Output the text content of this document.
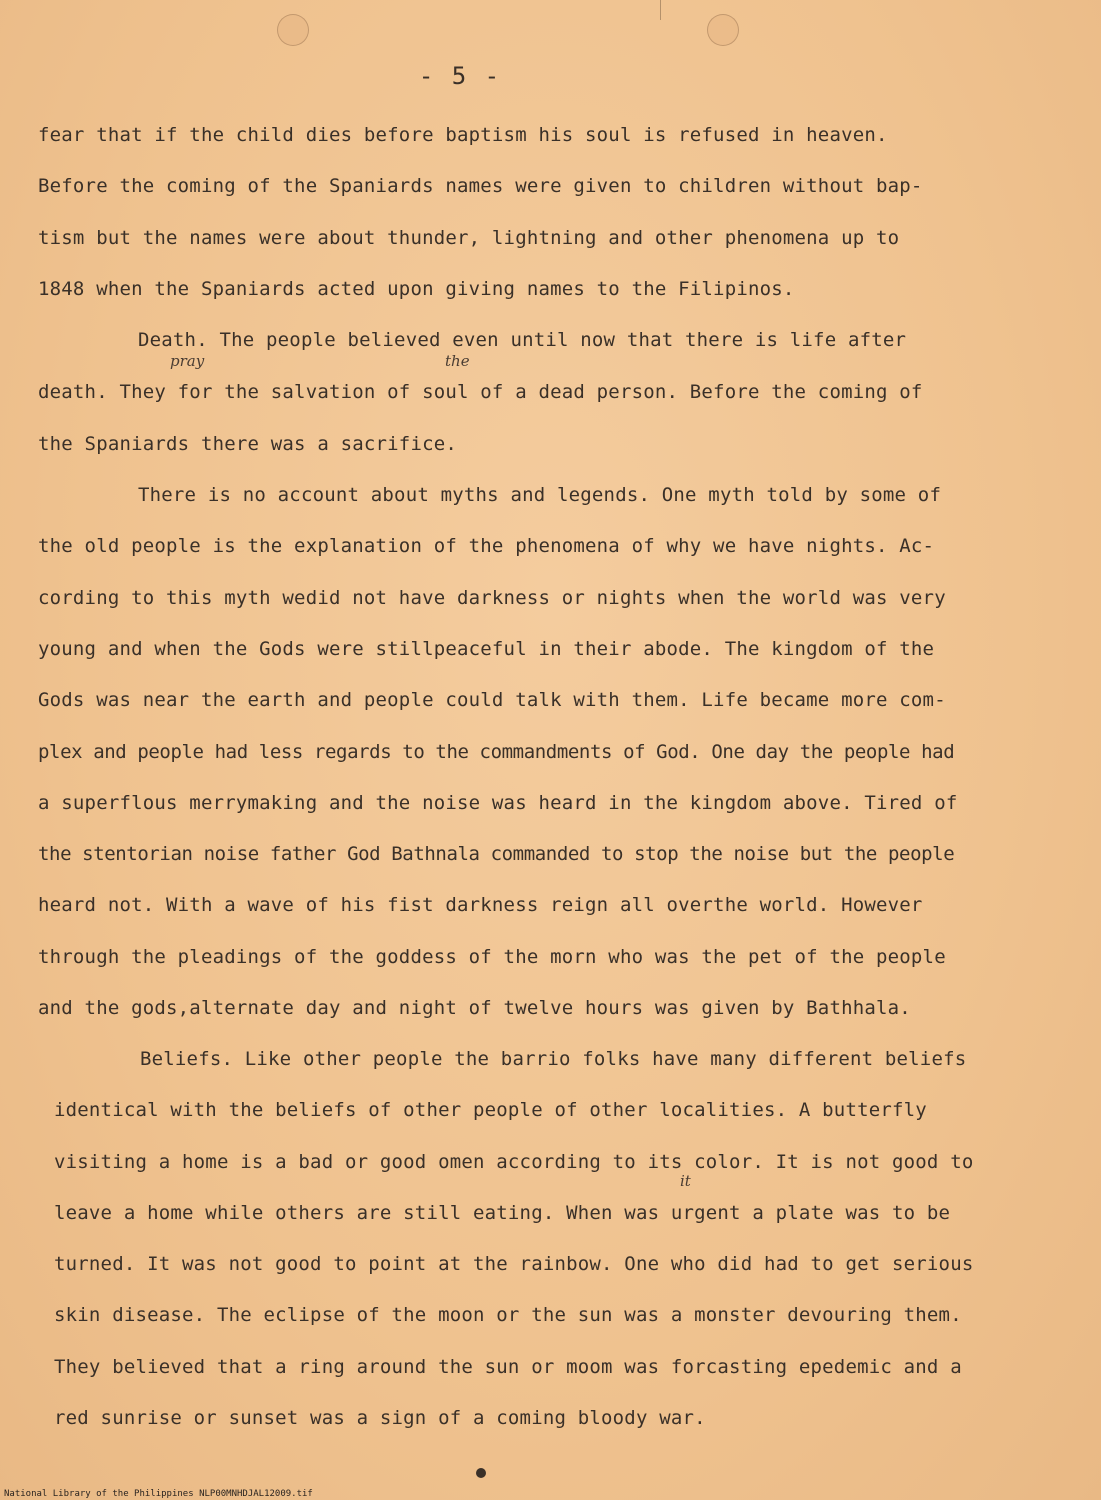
- 5 -
fear that if the child dies before baptism his soul is refused in heaven.
Before the coming of the Spaniards names were given to children without bap-
tism but the names were about thunder, lightning and other phenomena up to
1848 when the Spaniards acted upon giving names to the Filipinos.
Death. The people believed even until now that there is life after
pray	the
death. They for the salvation of soul of a dead person. Before the coming of
the Spaniards there was a sacrifice.
There is no account about myths and legends. One myth told by some of
the old people is the explanation of the phenomena of why we have nights. Ac-
cording to this myth wedid not have darkness or nights when the world was very
young and when the Gods were stillpeaceful in their abode. The kingdom of the
Gods was near the earth and people could talk with them. Life became more com-
plex and people had less regards to the commandments of God. One day the people had
a superflous merrymaking and the noise was heard in the kingdom above. Tired of
the stentorian noise father God Bathnala commanded to stop the noise but the people
heard not. With a wave of his fist darkness reign all overthe world. However
through the pleadings of the goddess of the morn who was the pet of the people
and the gods,alternate day and night of twelve hours was given by Bathhala.
Beliefs. Like other people the barrio folks have many different beliefs
identical with the beliefs of other people of other localities. A butterfly
visiting a home is a bad or good omen according to its color. It is not good to
it
leave a home while others are still eating. When was urgent a plate was to be
turned. It was not good to point at the rainbow. One who did had to get serious
skin disease. The eclipse of the moon or the sun was a monster devouring them.
They believed that a ring around the sun or moom was forcasting epedemic and a
red sunrise or sunset was a sign of a coming bloody war.
National Library of the Philippines NLP00MNHDJAL12009.tif
